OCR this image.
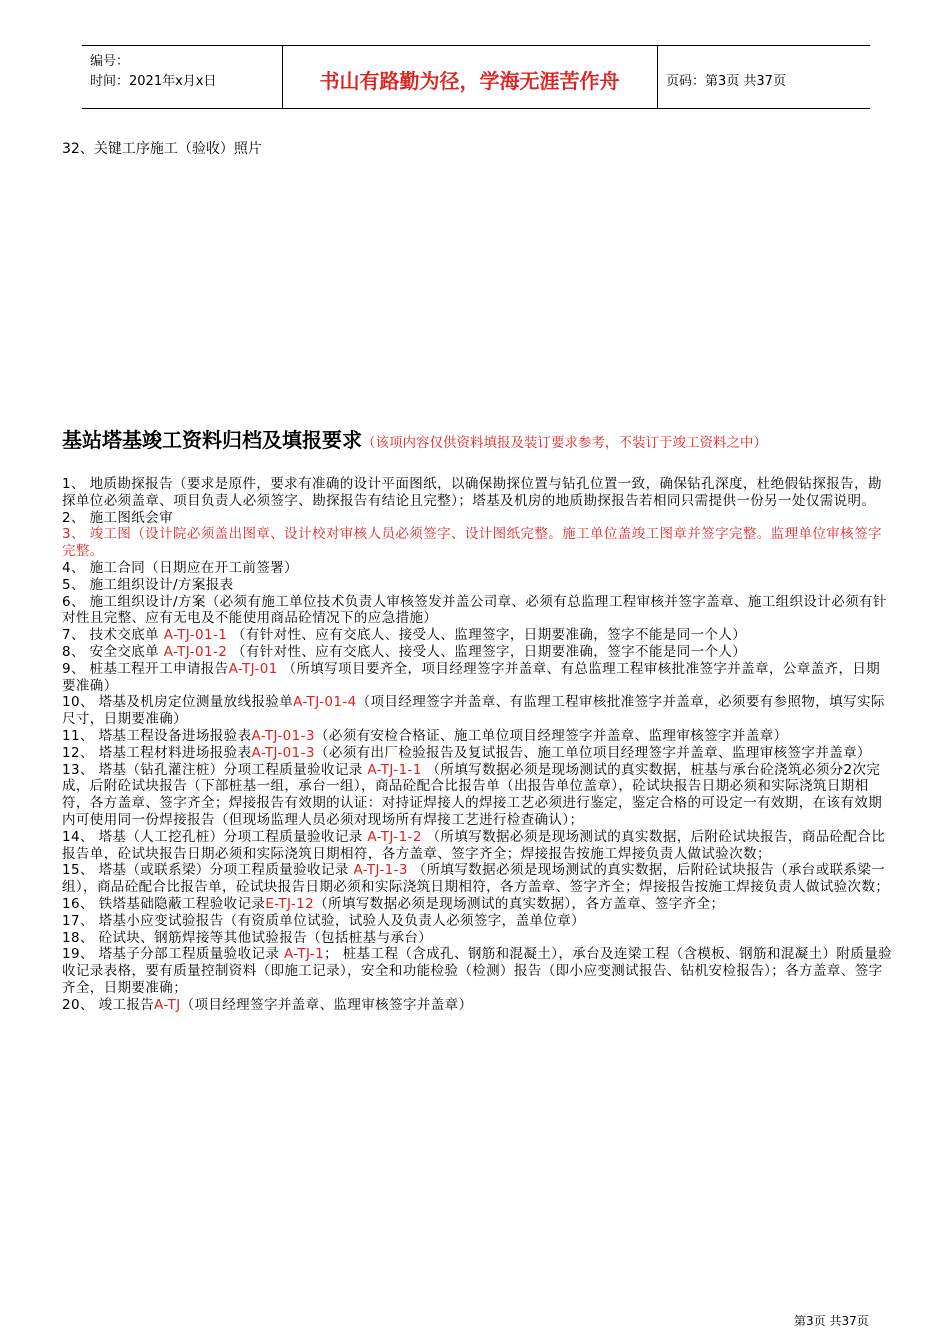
编号：
时间：2021年x月x日	书山有路勤为径，学海无涯苦作舟	页码：第3页 共37页
32、关键工序施工（验收）照片
基站塔基竣工资料归档及填报要求（该项内容仅供资料填报及装订要求参考，不装订于竣工资料之中）

1、 地质勘探报告（要求是原件，要求有准确的设计平面图纸，以确保勘探位置与钻孔位置一致，确保钻孔深度，杜绝假钻探报告，勘探单位必须盖章、项目负责人必须签字、勘探报告有结论且完整）；塔基及机房的地质勘探报告若相同只需提供一份另一处仅需说明。

2、 施工图纸会审

3、 竣工图（设计院必须盖出图章、设计校对审核人员必须签字、设计图纸完整。施工单位盖竣工图章并签字完整。监理单位审核签字完整。

4、 施工合同（日期应在开工前签署）

5、 施工组织设计/方案报表

6、 施工组织设计/方案（必须有施工单位技术负责人审核签发并盖公司章、必须有总监理工程审核并签字盖章、施工组织设计必须有针对性且完整、应有无电及不能使用商品砼情况下的应急措施）

7、 技术交底单 A-TJ-01-1 （有针对性、应有交底人、接受人、监理签字，日期要准确，签字不能是同一个人）

8、 安全交底单 A-TJ-01-2 （有针对性、应有交底人、接受人、监理签字，日期要准确，签字不能是同一个人）

9、 桩基工程开工申请报告A-TJ-01 （所填写项目要齐全，项目经理签字并盖章、有总监理工程审核批准签字并盖章，公章盖齐，日期要准确）

10、 塔基及机房定位测量放线报验单A-TJ-01-4（项目经理签字并盖章、有监理工程审核批准签字并盖章，必须要有参照物，填写实际尺寸，日期要准确）

11、 塔基工程设备进场报验表A-TJ-01-3（必须有安检合格证、施工单位项目经理签字并盖章、监理审核签字并盖章）

12、 塔基工程材料进场报验表A-TJ-01-3（必须有出厂检验报告及复试报告、施工单位项目经理签字并盖章、监理审核签字并盖章）

13、 塔基（钻孔灌注桩）分项工程质量验收记录 A-TJ-1-1 （所填写数据必须是现场测试的真实数据，桩基与承台砼浇筑必须分2次完成，后附砼试块报告（下部桩基一组，承台一组），商品砼配合比报告单（出报告单位盖章），砼试块报告日期必须和实际浇筑日期相符，各方盖章、签字齐全；焊接报告有效期的认证：对持证焊接人的焊接工艺必须进行鉴定，鉴定合格的可设定一有效期，在该有效期内可使用同一份焊接报告（但现场监理人员必须对现场所有焊接工艺进行检查确认）；

14、 塔基（人工挖孔桩）分项工程质量验收记录 A-TJ-1-2 （所填写数据必须是现场测试的真实数据，后附砼试块报告，商品砼配合比报告单，砼试块报告日期必须和实际浇筑日期相符，各方盖章、签字齐全；焊接报告按施工焊接负责人做试验次数；

15、 塔基（或联系梁）分项工程质量验收记录 A-TJ-1-3 （所填写数据必须是现场测试的真实数据，后附砼试块报告（承台或联系梁一组），商品砼配合比报告单，砼试块报告日期必须和实际浇筑日期相符，各方盖章、签字齐全；焊接报告按施工焊接负责人做试验次数；

16、 铁塔基础隐蔽工程验收记录E-TJ-12（所填写数据必须是现场测试的真实数据），各方盖章、签字齐全；

17、 塔基小应变试验报告（有资质单位试验，试验人及负责人必须签字，盖单位章）

18、 砼试块、钢筋焊接等其他试验报告（包括桩基与承台）

19、 塔基子分部工程质量验收记录 A-TJ-1； 桩基工程（含成孔、钢筋和混凝土），承台及连梁工程（含模板、钢筋和混凝土）附质量验收记录表格，要有质量控制资料（即施工记录），安全和功能检验（检测）报告（即小应变测试报告、钻机安检报告）；各方盖章、签字齐全，日期要准确；

20、 竣工报告A-TJ（项目经理签字并盖章、监理审核签字并盖章）

第3页 共37页
